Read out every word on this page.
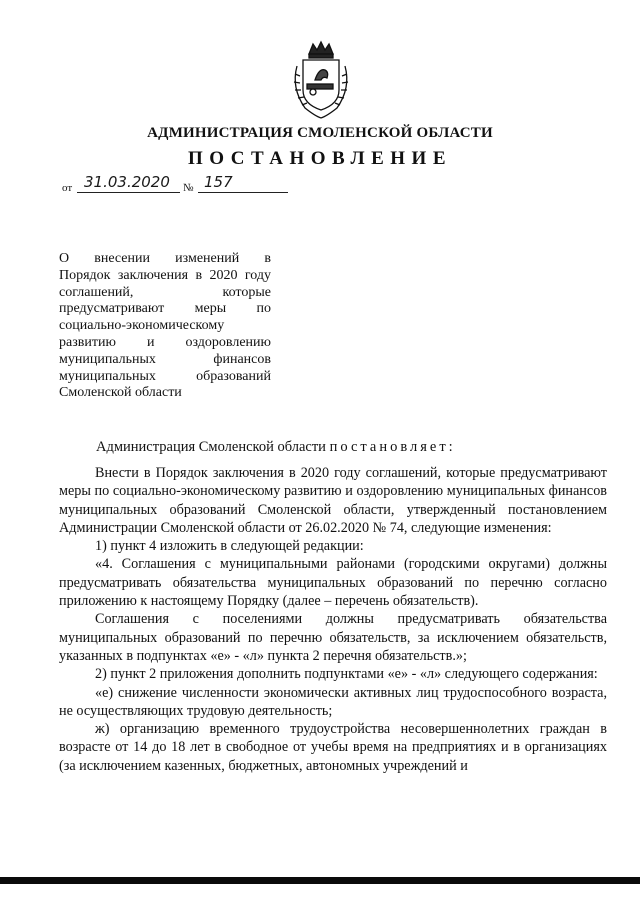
АДМИНИСТРАЦИЯ СМОЛЕНСКОЙ ОБЛАСТИ
ПОСТАНОВЛЕНИЕ
от 31.03.2020 № 157
О внесении изменений в
Порядок заключения в 2020 году
соглашений, которые
предусматривают меры по
социально-экономическому
развитию и оздоровлению
муниципальных финансов
муниципальных образований
Смоленской области
Администрация Смоленской области постановляет:

Внести в Порядок заключения в 2020 году соглашений, которые предусматривают меры по социально-экономическому развитию и оздоровлению муниципальных финансов муниципальных образований Смоленской области, утвержденный постановлением Администрации Смоленской области от 26.02.2020 № 74, следующие изменения:

1) пункт 4 изложить в следующей редакции:

«4. Соглашения с муниципальными районами (городскими округами) должны предусматривать обязательства муниципальных образований по перечню согласно приложению к настоящему Порядку (далее – перечень обязательств).

Соглашения с поселениями должны предусматривать обязательства муниципальных образований по перечню обязательств, за исключением обязательств, указанных в подпунктах «е» - «л» пункта 2 перечня обязательств.»;

2) пункт 2 приложения дополнить подпунктами «е» - «л» следующего содержания:

«е) снижение численности экономически активных лиц трудоспособного возраста, не осуществляющих трудовую деятельность;

ж) организацию временного трудоустройства несовершеннолетних граждан в возрасте от 14 до 18 лет в свободное от учебы время на предприятиях и в организациях (за исключением казенных, бюджетных, автономных учреждений и
